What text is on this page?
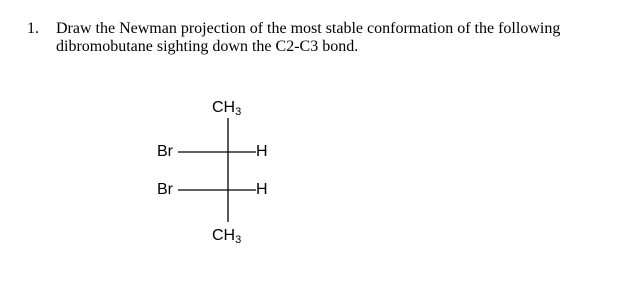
1. Draw the Newman projection of the most stable conformation of the following
dibromobutane sighting down the C2-C3 bond.
$CH_3$
Br	H
Br	H
$CH_3$
